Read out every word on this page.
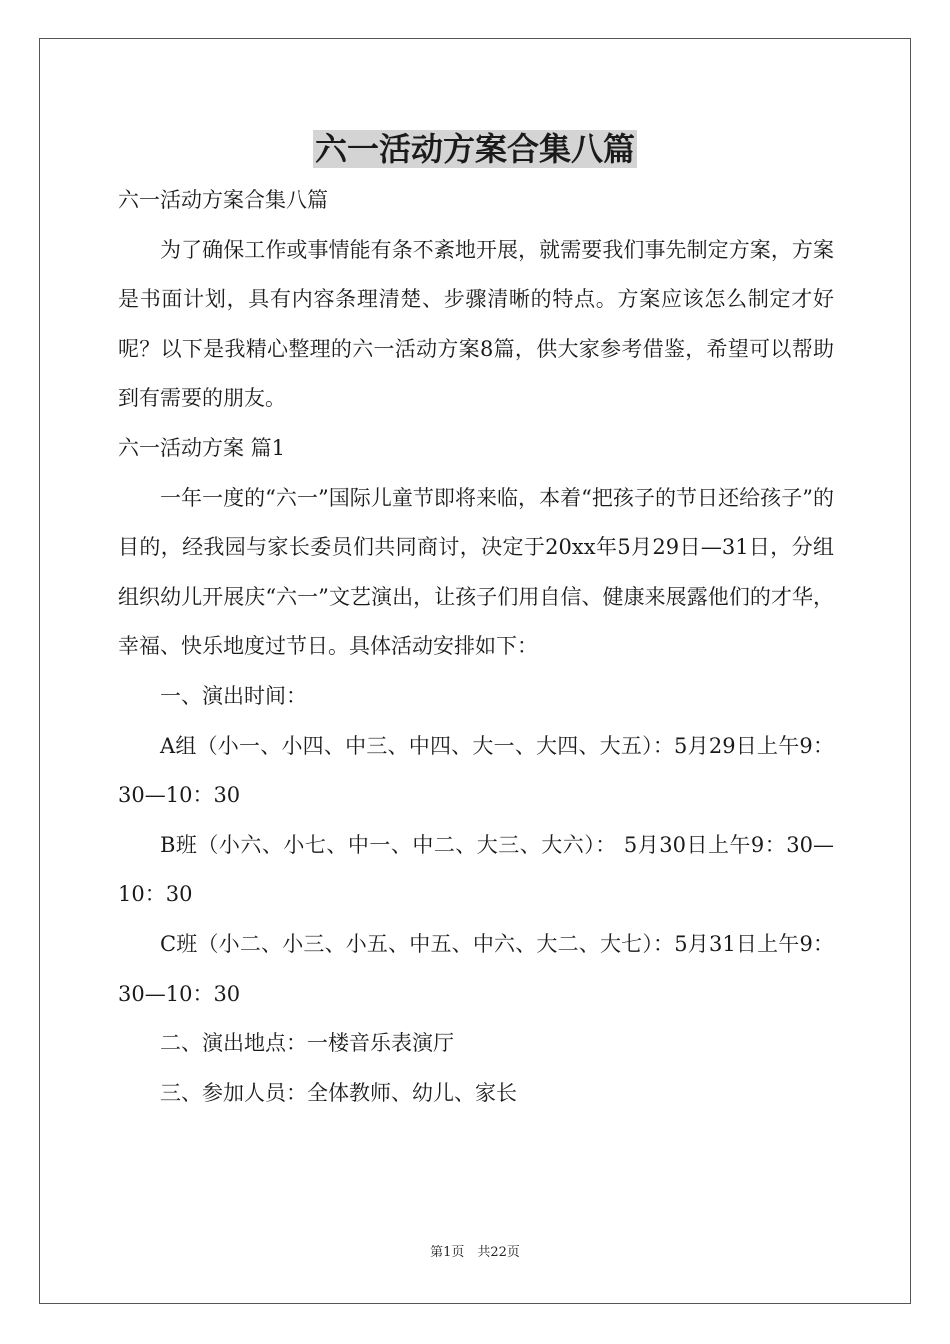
六一活动方案合集八篇

六一活动方案合集八篇

为了确保工作或事情能有条不紊地开展，就需要我们事先制定方案，方案是书面计划，具有内容条理清楚、步骤清晰的特点。方案应该怎么制定才好呢？以下是我精心整理的六一活动方案8篇，供大家参考借鉴，希望可以帮助到有需要的朋友。

六一活动方案 篇1

一年一度的“六一”国际儿童节即将来临，本着“把孩子的节日还给孩子”的目的，经我园与家长委员们共同商讨，决定于20xx年5月29日—31日，分组组织幼儿开展庆“六一”文艺演出，让孩子们用自信、健康来展露他们的才华，幸福、快乐地度过节日。具体活动安排如下：

一、演出时间：

A组（小一、小四、中三、中四、大一、大四、大五）：5月29日上午9：30—10：30

B班（小六、小七、中一、中二、大三、大六）： 5月30日上午9：30—10：30

C班（小二、小三、小五、中五、中六、大二、大七）：5月31日上午9：30—10：30

二、演出地点：一楼音乐表演厅

三、参加人员：全体教师、幼儿、家长

第1页　共22页
